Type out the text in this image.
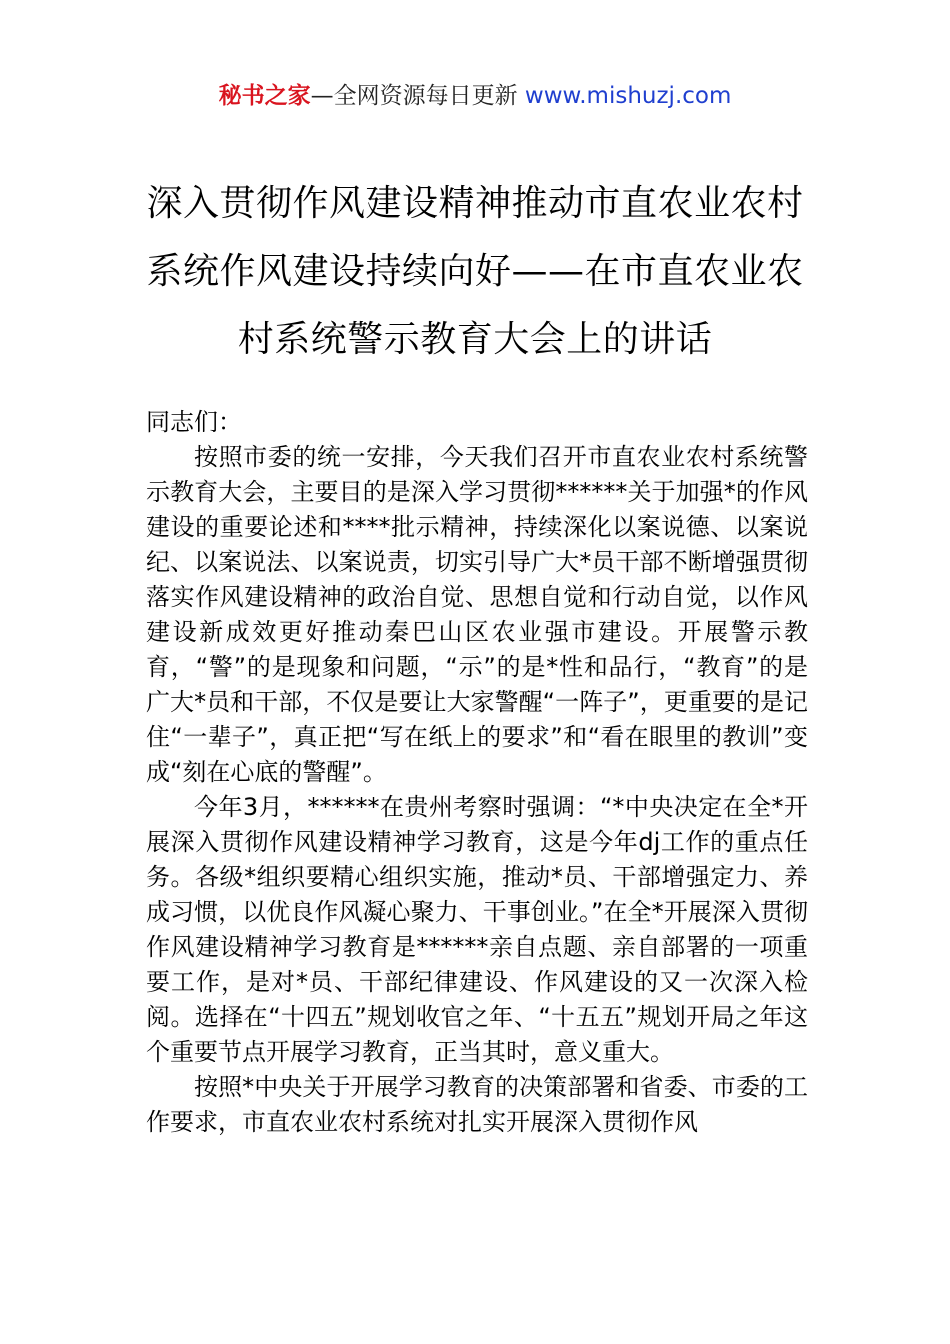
秘书之家—全网资源每日更新 www.mishuzj.com
深入贯彻作风建设精神推动市直农业农村系统作风建设持续向好——在市直农业农村系统警示教育大会上的讲话

同志们：

按照市委的统一安排，今天我们召开市直农业农村系统警示教育大会，主要目的是深入学习贯彻******关于加强*的作风建设的重要论述和****批示精神，持续深化以案说德、以案说纪、以案说法、以案说责，切实引导广大*员干部不断增强贯彻落实作风建设精神的政治自觉、思想自觉和行动自觉，以作风建设新成效更好推动秦巴山区农业强市建设。开展警示教育，“警”的是现象和问题，“示”的是*性和品行，“教育”的是广大*员和干部，不仅是要让大家警醒“一阵子”，更重要的是记住“一辈子”，真正把“写在纸上的要求”和“看在眼里的教训”变成“刻在心底的警醒”。

今年3月，******在贵州考察时强调：“*中央决定在全*开展深入贯彻作风建设精神学习教育，这是今年dj工作的重点任务。各级*组织要精心组织实施，推动*员、干部增强定力、养成习惯，以优良作风凝心聚力、干事创业。”在全*开展深入贯彻作风建设精神学习教育是******亲自点题、亲自部署的一项重要工作，是对*员、干部纪律建设、作风建设的又一次深入检阅。选择在“十四五”规划收官之年、“十五五”规划开局之年这个重要节点开展学习教育，正当其时，意义重大。

按照*中央关于开展学习教育的决策部署和省委、市委的工作要求，市直农业农村系统对扎实开展深入贯彻作风
